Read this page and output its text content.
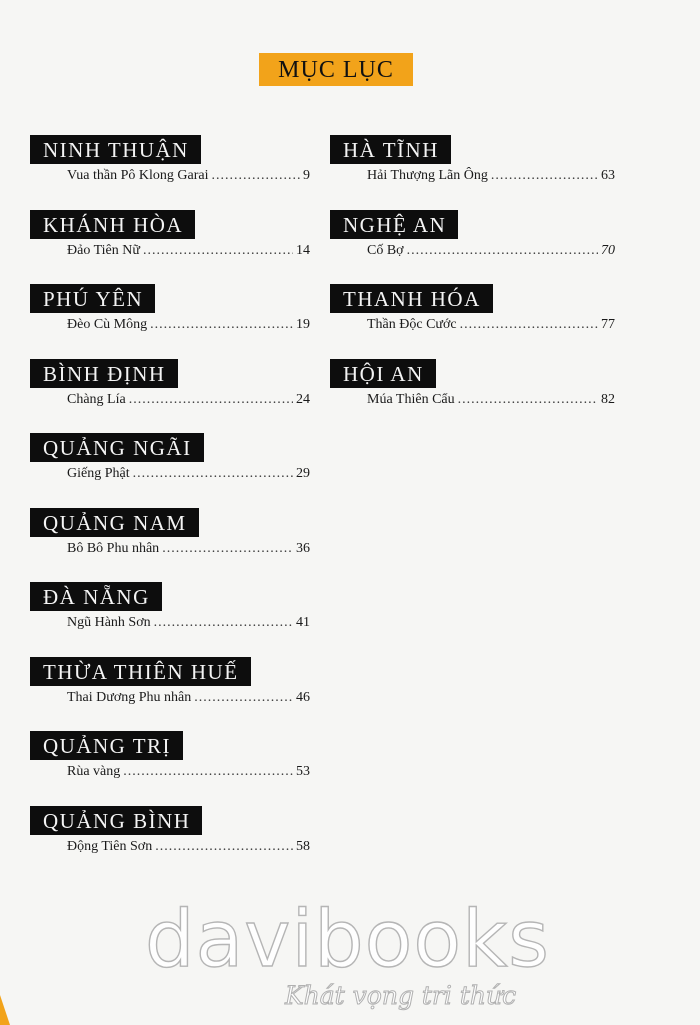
MỤC LỤC
NINH THUẬN
Vua thần Pô Klong Garai .....	9
KHÁNH HÒA
Đảo Tiên Nữ .....	14
PHÚ YÊN
Đèo Cù Mông .....	19
BÌNH ĐỊNH
Chàng Lía .....	24
QUẢNG NGÃI
Giếng Phật .....	29
QUẢNG NAM
Bô Bô Phu nhân .....	36
ĐÀ NẴNG
Ngũ Hành Sơn .....	41
THỪA THIÊN HUẾ
Thai Dương Phu nhân .....	46
QUẢNG TRỊ
Rùa vàng .....	53
QUẢNG BÌNH
Động Tiên Sơn .....	58
HÀ TĨNH
Hải Thượng Lãn Ông .....	63
NGHỆ AN
Cố Bợ .....	70
THANH HÓA
Thần Độc Cước .....	77
HỘI AN
Múa Thiên Cẩu .....	82
davibooks
Khát vọng tri thức
